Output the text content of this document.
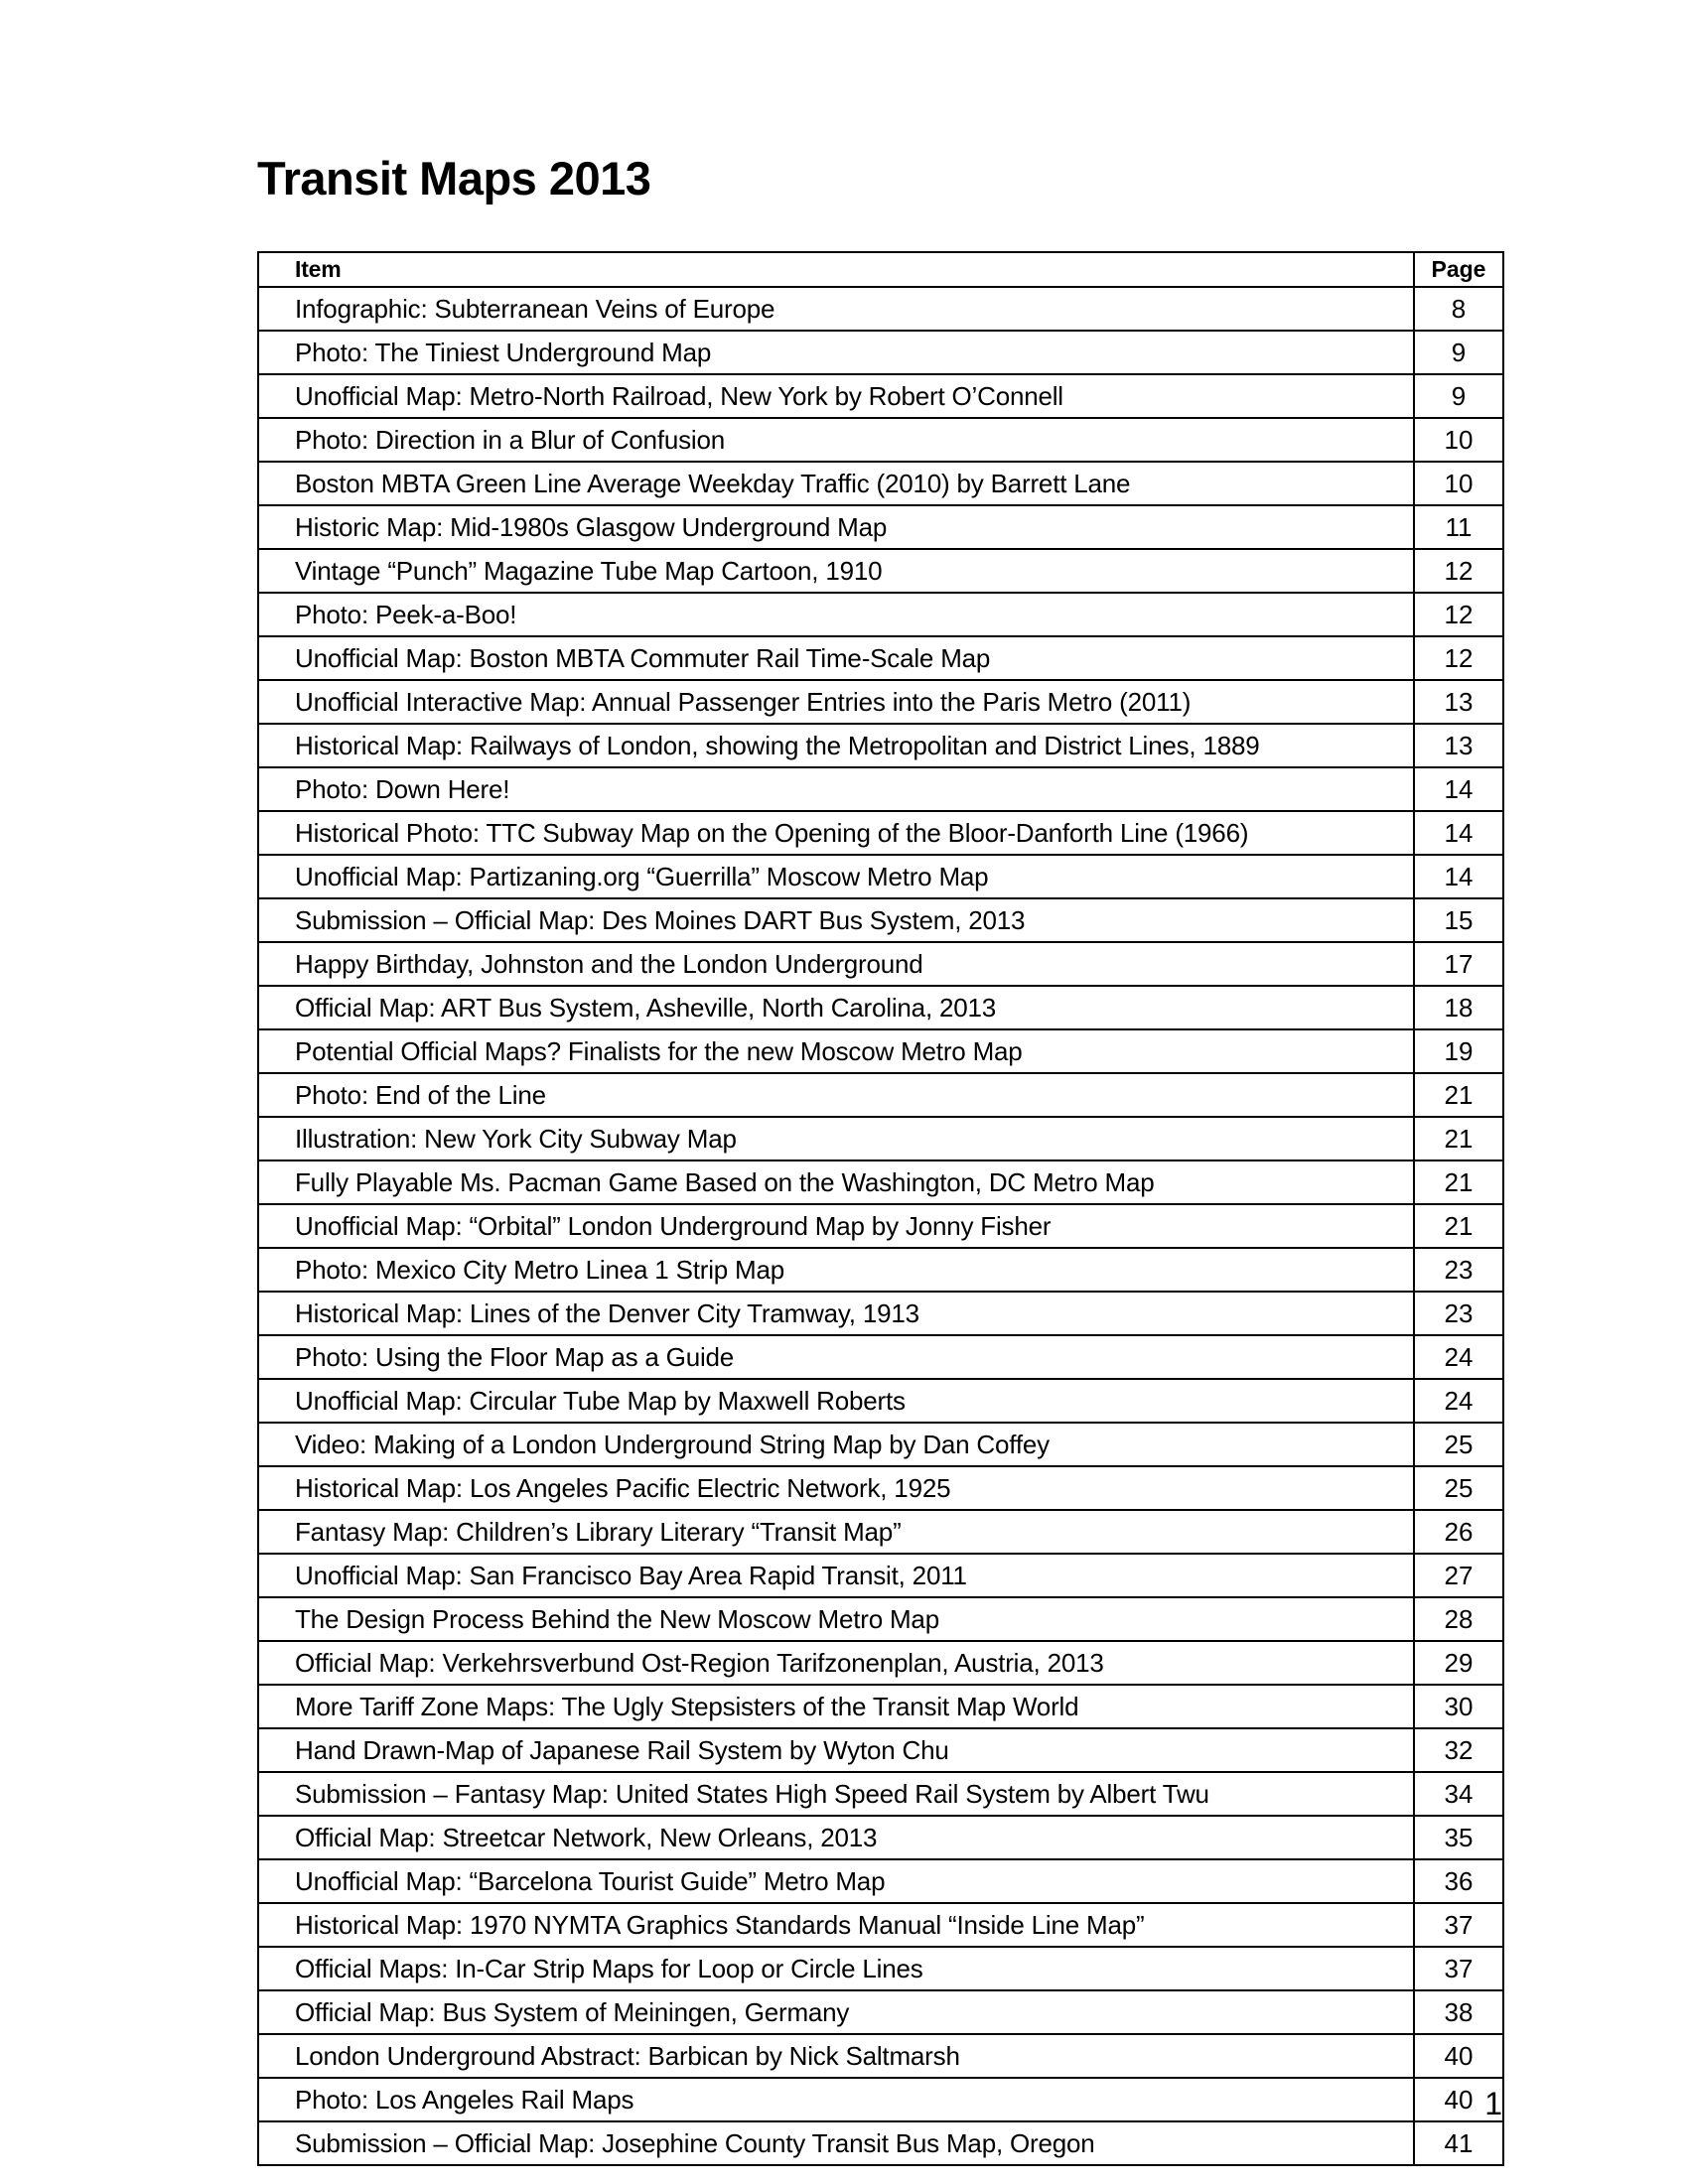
Transit Maps 2013
Item	Page
Infographic: Subterranean Veins of Europe	8
Photo: The Tiniest Underground Map	9
Unofficial Map: Metro-North Railroad, New York by Robert O’Connell	9
Photo: Direction in a Blur of Confusion	10
Boston MBTA Green Line Average Weekday Traffic (2010) by Barrett Lane	10
Historic Map: Mid-1980s Glasgow Underground Map	11
Vintage “Punch” Magazine Tube Map Cartoon, 1910	12
Photo: Peek-a-Boo!	12
Unofficial Map: Boston MBTA Commuter Rail Time-Scale Map	12
Unofficial Interactive Map: Annual Passenger Entries into the Paris Metro (2011)	13
Historical Map: Railways of London, showing the Metropolitan and District Lines, 1889	13
Photo: Down Here!	14
Historical Photo: TTC Subway Map on the Opening of the Bloor-Danforth Line (1966)	14
Unofficial Map: Partizaning.org “Guerrilla” Moscow Metro Map	14
Submission – Official Map: Des Moines DART Bus System, 2013	15
Happy Birthday, Johnston and the London Underground	17
Official Map: ART Bus System, Asheville, North Carolina, 2013	18
Potential Official Maps? Finalists for the new Moscow Metro Map	19
Photo: End of the Line	21
Illustration: New York City Subway Map	21
Fully Playable Ms. Pacman Game Based on the Washington, DC Metro Map	21
Unofficial Map: “Orbital” London Underground Map by Jonny Fisher	21
Photo: Mexico City Metro Linea 1 Strip Map	23
Historical Map: Lines of the Denver City Tramway, 1913	23
Photo: Using the Floor Map as a Guide	24
Unofficial Map: Circular Tube Map by Maxwell Roberts	24
Video: Making of a London Underground String Map by Dan Coffey	25
Historical Map: Los Angeles Pacific Electric Network, 1925	25
Fantasy Map: Children’s Library Literary “Transit Map”	26
Unofficial Map: San Francisco Bay Area Rapid Transit, 2011	27
The Design Process Behind the New Moscow Metro Map	28
Official Map: Verkehrsverbund Ost-Region Tarifzonenplan, Austria, 2013	29
More Tariff Zone Maps: The Ugly Stepsisters of the Transit Map World	30
Hand Drawn-Map of Japanese Rail System by Wyton Chu	32
Submission – Fantasy Map: United States High Speed Rail System by Albert Twu	34
Official Map: Streetcar Network, New Orleans, 2013	35
Unofficial Map: “Barcelona Tourist Guide” Metro Map	36
Historical Map: 1970 NYMTA Graphics Standards Manual “Inside Line Map”	37
Official Maps: In-Car Strip Maps for Loop or Circle Lines	37
Official Map: Bus System of Meiningen, Germany	38
London Underground Abstract: Barbican by Nick Saltmarsh	40
Photo: Los Angeles Rail Maps	40
Submission – Official Map: Josephine County Transit Bus Map, Oregon	41
1
